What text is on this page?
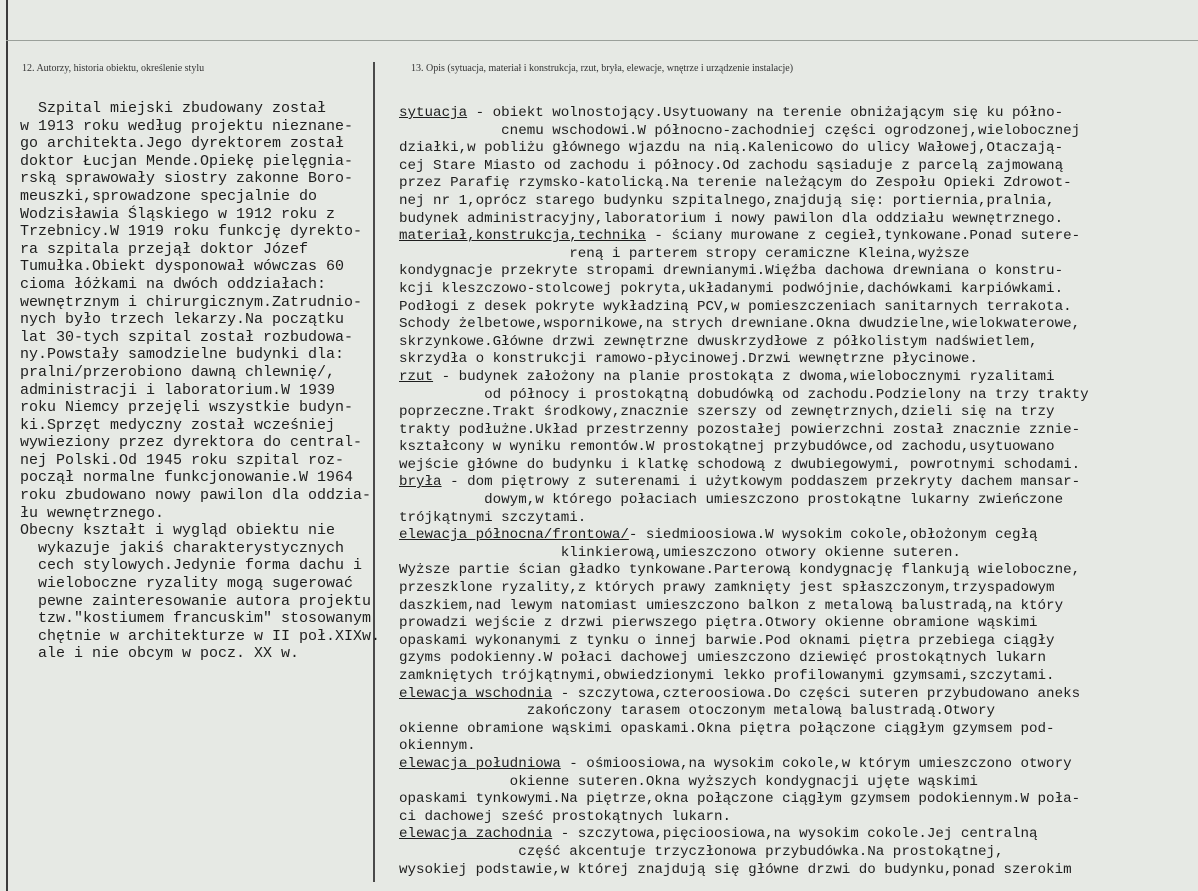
12. Autorzy, historia obiektu, określenie stylu	13. Opis (sytuacja, materiał i konstrukcja, rzut, bryła, elewacje, wnętrze i urządzenie instalacje)
Szpital miejski zbudowany został
w 1913 roku według projektu nieznane-
go architekta.Jego dyrektorem został
doktor Łucjan Mende.Opiekę pielęgnia-
rską sprawowały siostry zakonne Boro-
meuszki,sprowadzone specjalnie do
Wodzisławia Śląskiego w 1912 roku z
Trzebnicy.W 1919 roku funkcję dyrekto-
ra szpitala przejął doktor Józef
Tumułka.Obiekt dysponował wówczas 60
cioma łóżkami na dwóch oddziałach:
wewnętrznym i chirurgicznym.Zatrudnio-
nych było trzech lekarzy.Na początku
lat 30-tych szpital został rozbudowa-
ny.Powstały samodzielne budynki dla:
pralni/przerobiono dawną chlewnię/,
administracji i laboratorium.W 1939
roku Niemcy przejęli wszystkie budyn-
ki.Sprzęt medyczny został wcześniej
wywieziony przez dyrektora do central-
nej Polski.Od 1945 roku szpital roz-
począł normalne funkcjonowanie.W 1964
roku zbudowano nowy pawilon dla oddzia-
łu wewnętrznego.
Obecny kształt i wygląd obiektu nie
wykazuje jakiś charakterystycznych
cech stylowych.Jedynie forma dachu i
wieloboczne ryzality mogą sugerować
pewne zainteresowanie autora projektu
tzw."kostiumem francuskim" stosowanym
chętnie w architekturze w II poł.XIXw.
ale i nie obcym w pocz. XX w.
sytuacja - obiekt wolnostojący.Usytuowany na terenie obniżającym się ku półno-
cnemu wschodowi.W północno-zachodniej części ogrodzonej,wielobocznej
działki,w pobliżu głównego wjazdu na nią.Kalenicowo do ulicy Wałowej,Otaczają-
cej Stare Miasto od zachodu i północy.Od zachodu sąsiaduje z parcelą zajmowaną
przez Parafię rzymsko-katolicką.Na terenie należącym do Zespołu Opieki Zdrowot-
nej nr 1,oprócz starego budynku szpitalnego,znajdują się: portiernia,pralnia,
budynek administracyjny,laboratorium i nowy pawilon dla oddziału wewnętrznego.
materiał,konstrukcja,technika - ściany murowane z cegieł,tynkowane.Ponad sutere-
reną i parterem stropy ceramiczne Kleina,wyższe
kondygnacje przekryte stropami drewnianymi.Więźba dachowa drewniana o konstru-
kcji kleszczowo-stolcowej pokryta,układanymi podwójnie,dachówkami karpiówkami.
Podłogi z desek pokryte wykładziną PCV,w pomieszczeniach sanitarnych terrakota.
Schody żelbetowe,wspornikowe,na strych drewniane.Okna dwudzielne,wielokwaterowe,
skrzynkowe.Główne drzwi zewnętrzne dwuskrzydłowe z półkolistym nadświetlem,
skrzydła o konstrukcji ramowo-płycinowej.Drzwi wewnętrzne płycinowe.
rzut - budynek założony na planie prostokąta z dwoma,wielobocznymi ryzalitami
od północy i prostokątną dobudówką od zachodu.Podzielony na trzy trakty
poprzeczne.Trakt środkowy,znacznie szerszy od zewnętrznych,dzieli się na trzy
trakty podłużne.Układ przestrzenny pozostałej powierzchni został znacznie zznie-
kształcony w wyniku remontów.W prostokątnej przybudówce,od zachodu,usytuowano
wejście główne do budynku i klatkę schodową z dwubiegowymi, powrotnymi schodami.
bryła - dom piętrowy z suterenami i użytkowym poddaszem przekryty dachem mansar-
dowym,w którego połaciach umieszczono prostokątne lukarny zwieńczone
trójkątnymi szczytami.
elewacja północna/frontowa/- siedmioosiowa.W wysokim cokole,obłożonym cegłą
klinkierową,umieszczono otwory okienne suteren.
Wyższe partie ścian gładko tynkowane.Parterową kondygnację flankują wieloboczne,
przeszklone ryzality,z których prawy zamknięty jest spłaszczonym,trzyspadowym
daszkiem,nad lewym natomiast umieszczono balkon z metalową balustradą,na który
prowadzi wejście z drzwi pierwszego piętra.Otwory okienne obramione wąskimi
opaskami wykonanymi z tynku o innej barwie.Pod oknami piętra przebiega ciągły
gzyms podokienny.W połaci dachowej umieszczono dziewięć prostokątnych lukarn
zamkniętych trójkątnymi,obwiedzionymi lekko profilowanymi gzymsami,szczytami.
elewacja wschodnia - szczytowa,czteroosiowa.Do części suteren przybudowano aneks
zakończony tarasem otoczonym metalową balustradą.Otwory
okienne obramione wąskimi opaskami.Okna piętra połączone ciągłym gzymsem pod-
okiennym.
elewacja południowa - ośmioosiowa,na wysokim cokole,w którym umieszczono otwory
okienne suteren.Okna wyższych kondygnacji ujęte wąskimi
opaskami tynkowymi.Na piętrze,okna połączone ciągłym gzymsem podokiennym.W poła-
ci dachowej sześć prostokątnych lukarn.
elewacja zachodnia - szczytowa,pięcioosiowa,na wysokim cokole.Jej centralną
część akcentuje trzyczłonowa przybudówka.Na prostokątnej,
wysokiej podstawie,w której znajdują się główne drzwi do budynku,ponad szerokim
